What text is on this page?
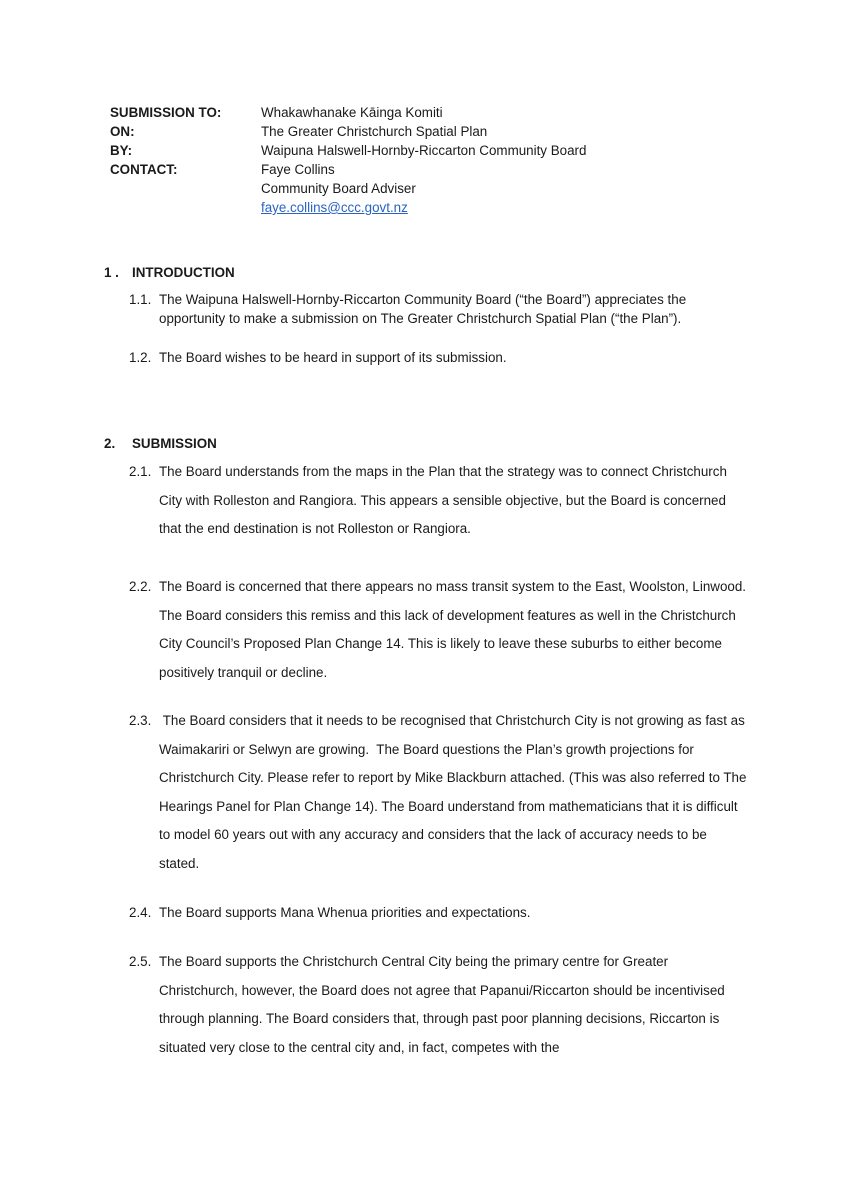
SUBMISSION TO:	Whakawhanake Kāinga Komiti
ON:	The Greater Christchurch Spatial Plan
BY:	Waipuna Halswell-Hornby-Riccarton Community Board
CONTACT:	Faye Collins
Community Board Adviser
faye.collins@ccc.govt.nz
1 . INTRODUCTION
1.1. The Waipuna Halswell-Hornby-Riccarton Community Board (“the Board”) appreciates the opportunity to make a submission on The Greater Christchurch Spatial Plan (“the Plan”).
1.2. The Board wishes to be heard in support of its submission.
2.	SUBMISSION
2.1. The Board understands from the maps in the Plan that the strategy was to connect Christchurch City with Rolleston and Rangiora. This appears a sensible objective, but the Board is concerned that the end destination is not Rolleston or Rangiora.
2.2. The Board is concerned that there appears no mass transit system to the East, Woolston, Linwood. The Board considers this remiss and this lack of development features as well in the Christchurch City Council’s Proposed Plan Change 14. This is likely to leave these suburbs to either become positively tranquil or decline.
2.3. The Board considers that it needs to be recognised that Christchurch City is not growing as fast as Waimakariri or Selwyn are growing.  The Board questions the Plan’s growth projections for Christchurch City. Please refer to report by Mike Blackburn attached. (This was also referred to The Hearings Panel for Plan Change 14). The Board understand from mathematicians that it is difficult to model 60 years out with any accuracy and considers that the lack of accuracy needs to be stated.
2.4. The Board supports Mana Whenua priorities and expectations.
2.5. The Board supports the Christchurch Central City being the primary centre for Greater Christchurch, however, the Board does not agree that Papanui/Riccarton should be incentivised through planning. The Board considers that, through past poor planning decisions, Riccarton is situated very close to the central city and, in fact, competes with the
